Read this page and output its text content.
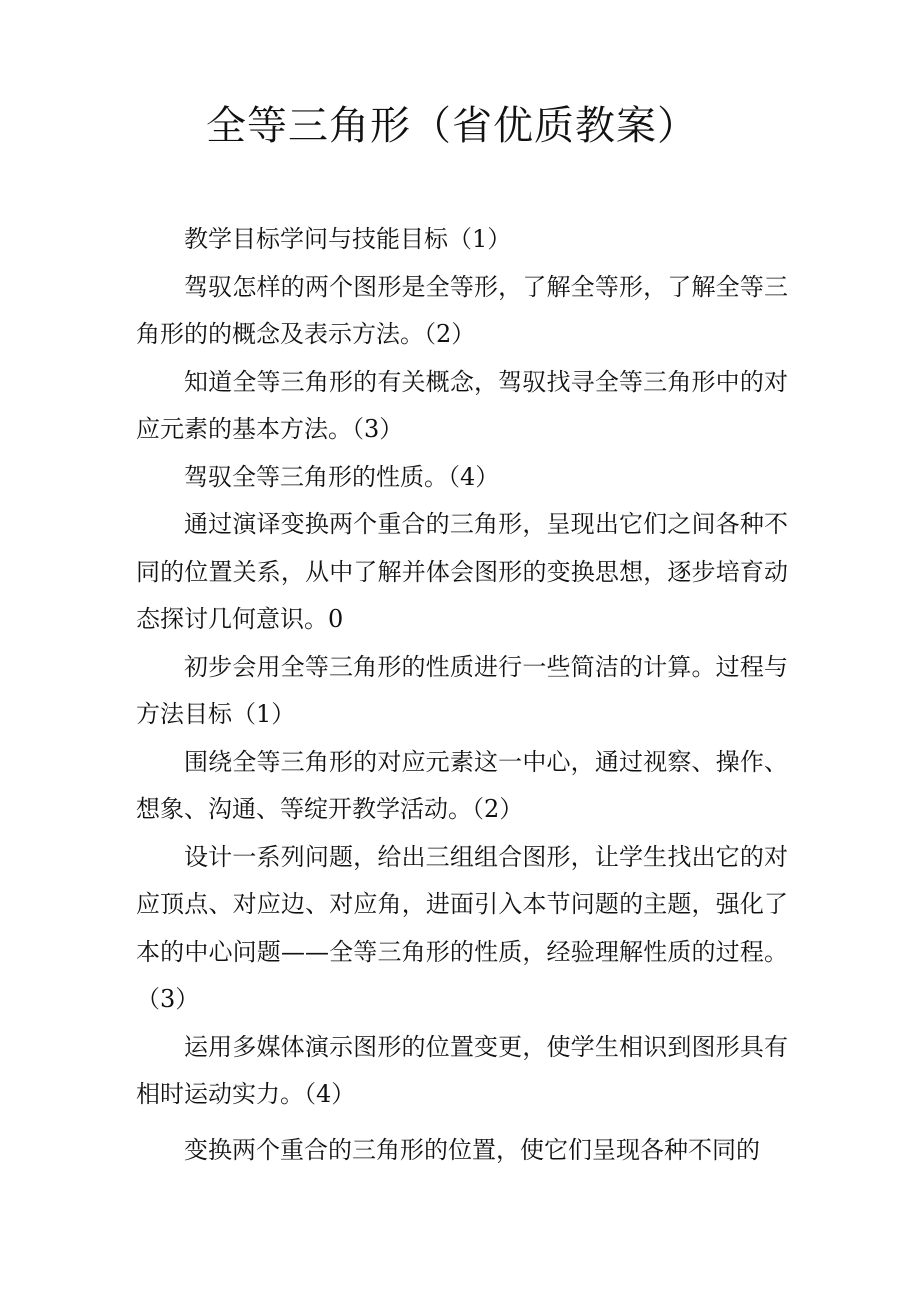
全等三角形（省优质教案）

教学目标学问与技能目标（1）

驾驭怎样的两个图形是全等形，了解全等形，了解全等三角形的的概念及表示方法。（2）

知道全等三角形的有关概念，驾驭找寻全等三角形中的对应元素的基本方法。（3）

驾驭全等三角形的性质。（4）

通过演译变换两个重合的三角形，呈现出它们之间各种不同的位置关系，从中了解并体会图形的变换思想，逐步培育动态探讨几何意识。0

初步会用全等三角形的性质进行一些简洁的计算。过程与方法目标（1）

围绕全等三角形的对应元素这一中心，通过视察、操作、想象、沟通、等绽开教学活动。（2）

设计一系列问题，给出三组组合图形，让学生找出它的对应顶点、对应边、对应角，进面引入本节问题的主题，强化了本的中心问题——全等三角形的性质，经验理解性质的过程。（3）

运用多媒体演示图形的位置变更，使学生相识到图形具有相时运动实力。（4）

变换两个重合的三角形的位置，使它们呈现各种不同的
